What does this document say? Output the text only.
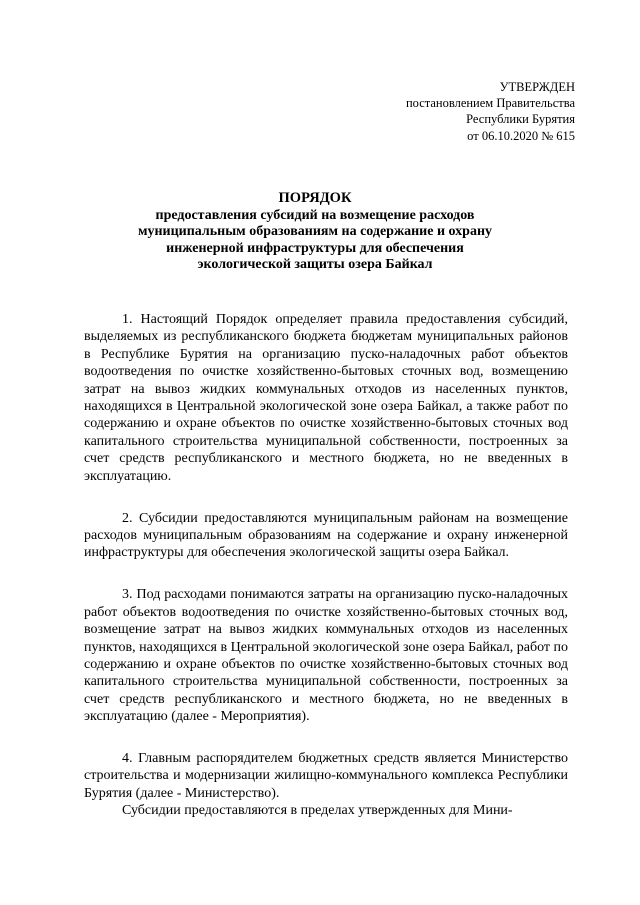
УТВЕРЖДЕН
постановлением Правительства
Республики Бурятия
от 06.10.2020 № 615
ПОРЯДОК
предоставления субсидий на возмещение расходов
муниципальным образованиям на содержание и охрану
инженерной инфраструктуры для обеспечения
экологической защиты озера Байкал

1. Настоящий Порядок определяет правила предоставления субсидий, выделяемых из республиканского бюджета бюджетам муниципальных районов в Республике Бурятия на организацию пуско-наладочных работ объектов водоотведения по очистке хозяйственно-бытовых сточных вод, возмещению затрат на вывоз жидких коммунальных отходов из населенных пунктов, находящихся в Центральной экологической зоне озера Байкал, а также работ по содержанию и охране объектов по очистке хозяйственно-бытовых сточных вод капитального строительства муниципальной собственности, построенных за счет средств республиканского и местного бюджета, но не введенных в эксплуатацию.

2. Субсидии предоставляются муниципальным районам на возмещение расходов муниципальным образованиям на содержание и охрану инженерной инфраструктуры для обеспечения экологической защиты озера Байкал.

3. Под расходами понимаются затраты на организацию пуско-наладочных работ объектов водоотведения по очистке хозяйственно-бытовых сточных вод, возмещение затрат на вывоз жидких коммунальных отходов из населенных пунктов, находящихся в Центральной экологической зоне озера Байкал, работ по содержанию и охране объектов по очистке хозяйственно-бытовых сточных вод капитального строительства муниципальной собственности, построенных за счет средств республиканского и местного бюджета, но не введенных в эксплуатацию (далее - Мероприятия).

4. Главным распорядителем бюджетных средств является Министерство строительства и модернизации жилищно-коммунального комплекса Республики Бурятия (далее - Министерство).

Субсидии предоставляются в пределах утвержденных для Мини-
